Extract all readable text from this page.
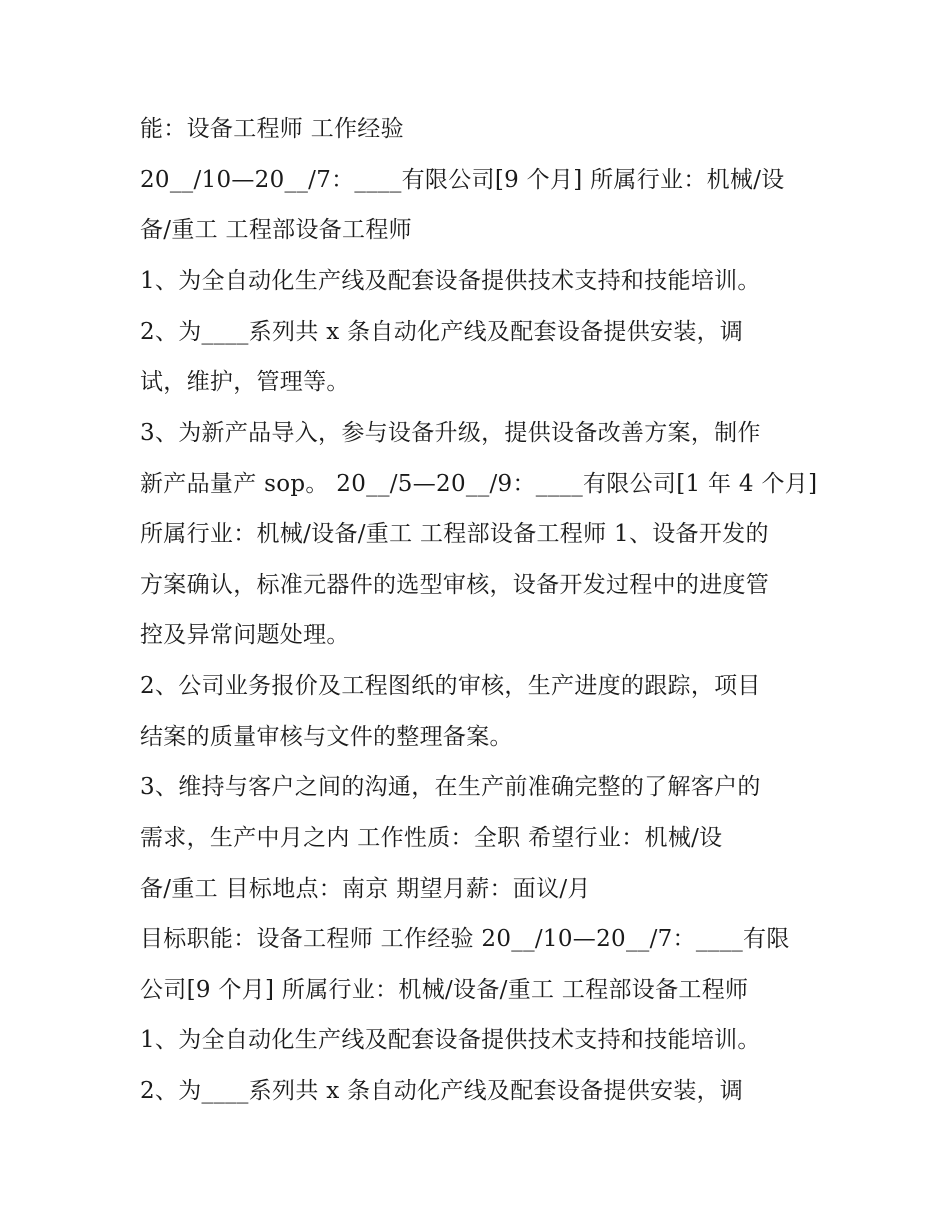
能：设备工程师 工作经验
20__/10—20__/7：____有限公司[9 个月] 所属行业：机械/设
备/重工 工程部设备工程师
1、为全自动化生产线及配套设备提供技术支持和技能培训。
2、为____系列共 x 条自动化产线及配套设备提供安装，调
试，维护，管理等。
3、为新产品导入，参与设备升级，提供设备改善方案，制作
新产品量产 sop。 20__/5—20__/9：____有限公司[1 年 4 个月]
所属行业：机械/设备/重工 工程部设备工程师 1、设备开发的
方案确认，标准元器件的选型审核，设备开发过程中的进度管
控及异常问题处理。
2、公司业务报价及工程图纸的审核，生产进度的跟踪，项目
结案的质量审核与文件的整理备案。
3、维持与客户之间的沟通，在生产前准确完整的了解客户的
需求，生产中月之内 工作性质：全职 希望行业：机械/设
备/重工 目标地点：南京 期望月薪：面议/月
目标职能：设备工程师 工作经验 20__/10—20__/7：____有限
公司[9 个月] 所属行业：机械/设备/重工 工程部设备工程师
1、为全自动化生产线及配套设备提供技术支持和技能培训。
2、为____系列共 x 条自动化产线及配套设备提供安装，调
